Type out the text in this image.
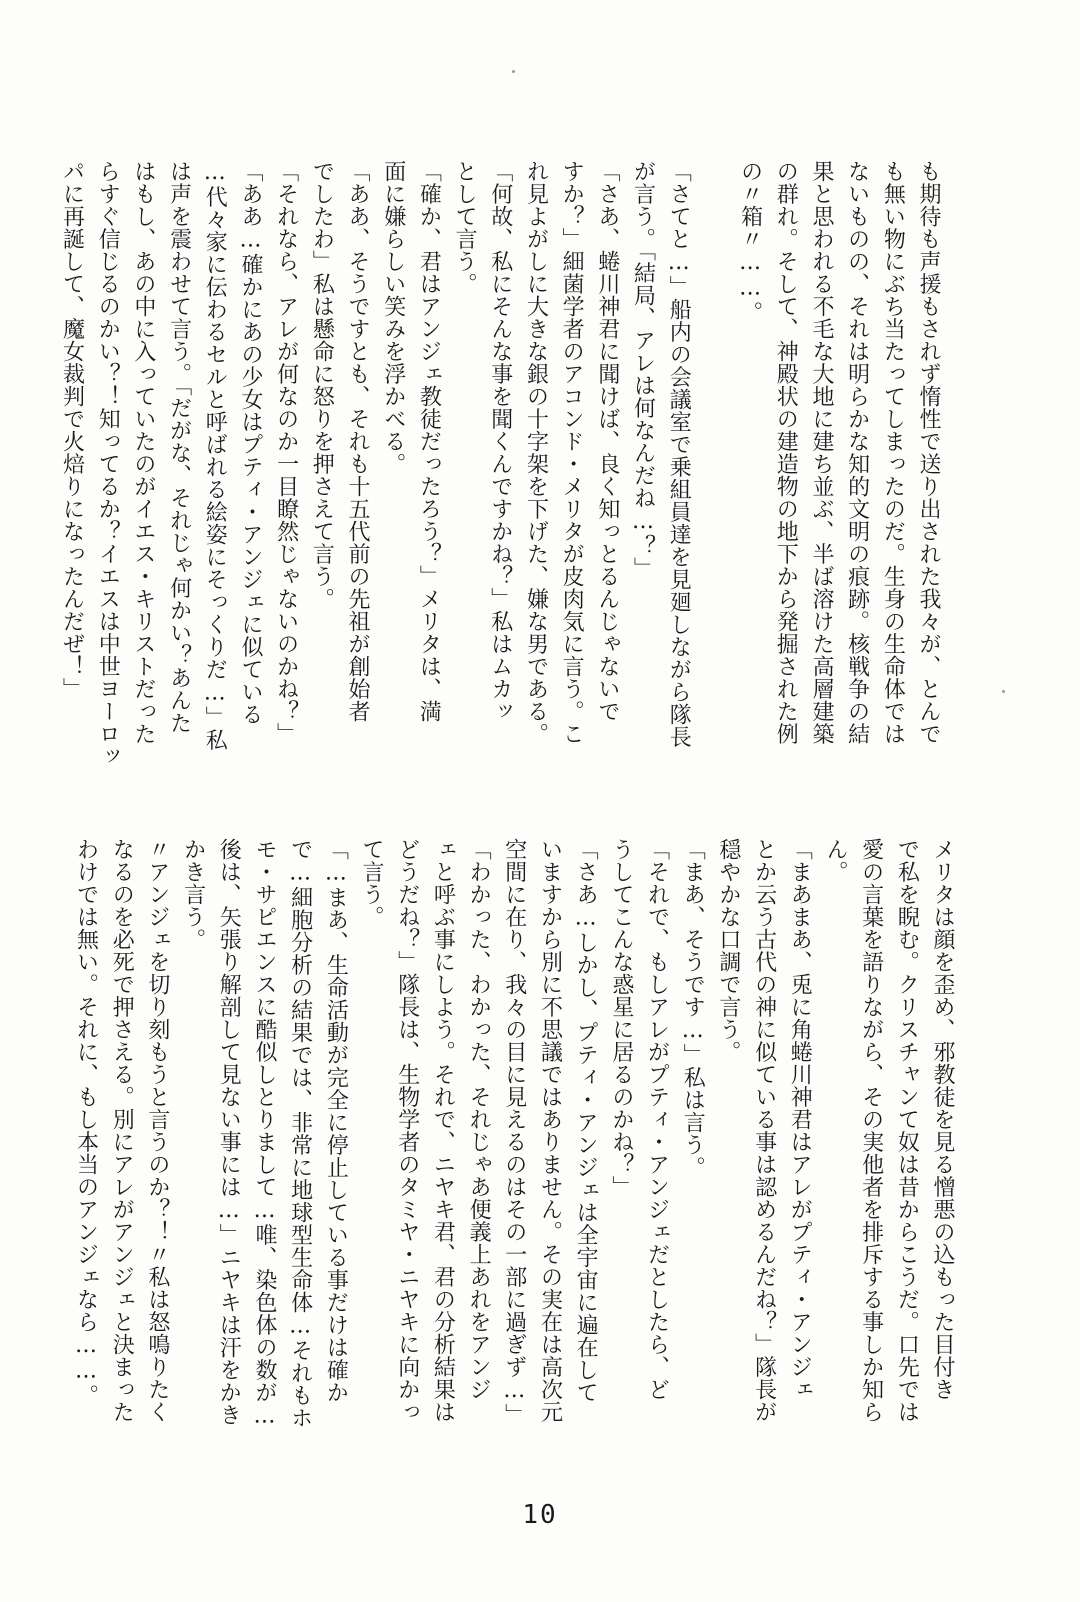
も期待も声援もされず惰性で送り出された我々が、とんで
も無い物にぶち当たってしまったのだ。生身の生命体では
ないものの、それは明らかな知的文明の痕跡。核戦争の結
果と思われる不毛な大地に建ち並ぶ、半ば溶けた高層建築
の群れ。そして、神殿状の建造物の地下から発掘された例
の〃箱〃……。
「さてと…」船内の会議室で乗組員達を見廻しながら隊長
が言う。「結局、アレは何なんだね…？」
「さあ、蜷川神君に聞けば、良く知っとるんじゃないで
すか？」細菌学者のアコンド・メリタが皮肉気に言う。こ
れ見よがしに大きな銀の十字架を下げた、嫌な男である。
「何故、私にそんな事を聞くんですかね？」私はムカッ
として言う。
「確か、君はアンジェ教徒だったろう？」メリタは、満
面に嫌らしい笑みを浮かべる。
「ああ、そうですとも、それも十五代前の先祖が創始者
でしたわ」私は懸命に怒りを押さえて言う。
「それなら、アレが何なのか一目瞭然じゃないのかね？」
「ああ…確かにあの少女はプティ・アンジェに似ている
…代々家に伝わるセルと呼ばれる絵姿にそっくりだ…」私
は声を震わせて言う。「だがな、それじゃ何かい？あんた
はもし、あの中に入っていたのがイエス・キリストだった
らすぐ信じるのかい？！知ってるか？イエスは中世ヨーロッ
パに再誕して、魔女裁判で火焙りになったんだぜ！」
メリタは顔を歪め、邪教徒を見る憎悪の込もった目付き
で私を睨む。クリスチャンて奴は昔からこうだ。口先では
愛の言葉を語りながら、その実他者を排斥する事しか知ら
ん。
「まあまあ、兎に角蜷川神君はアレがプティ・アンジェ
とか云う古代の神に似ている事は認めるんだね？」隊長が
穏やかな口調で言う。
「まあ、そうです…」私は言う。
「それで、もしアレがプティ・アンジェだとしたら、ど
うしてこんな惑星に居るのかね？」
「さあ…しかし、プティ・アンジェは全宇宙に遍在して
いますから別に不思議ではありません。その実在は高次元
空間に在り、我々の目に見えるのはその一部に過ぎず…」
「わかった、わかった、それじゃあ便義上あれをアンジ
ェと呼ぶ事にしよう。それで、ニヤキ君、君の分析結果は
どうだね？」隊長は、生物学者のタミヤ・ニヤキに向かっ
て言う。
「…まあ、生命活動が完全に停止している事だけは確か
で…細胞分析の結果では、非常に地球型生命体…それもホ
モ・サピエンスに酷似しとりまして…唯、染色体の数が…
後は、矢張り解剖して見ない事には…」ニヤキは汗をかき
かき言う。
〃アンジェを切り刻もうと言うのか？！〃私は怒鳴りたく
なるのを必死で押さえる。別にアレがアンジェと決まった
わけでは無い。それに、もし本当のアンジェなら……。
10
